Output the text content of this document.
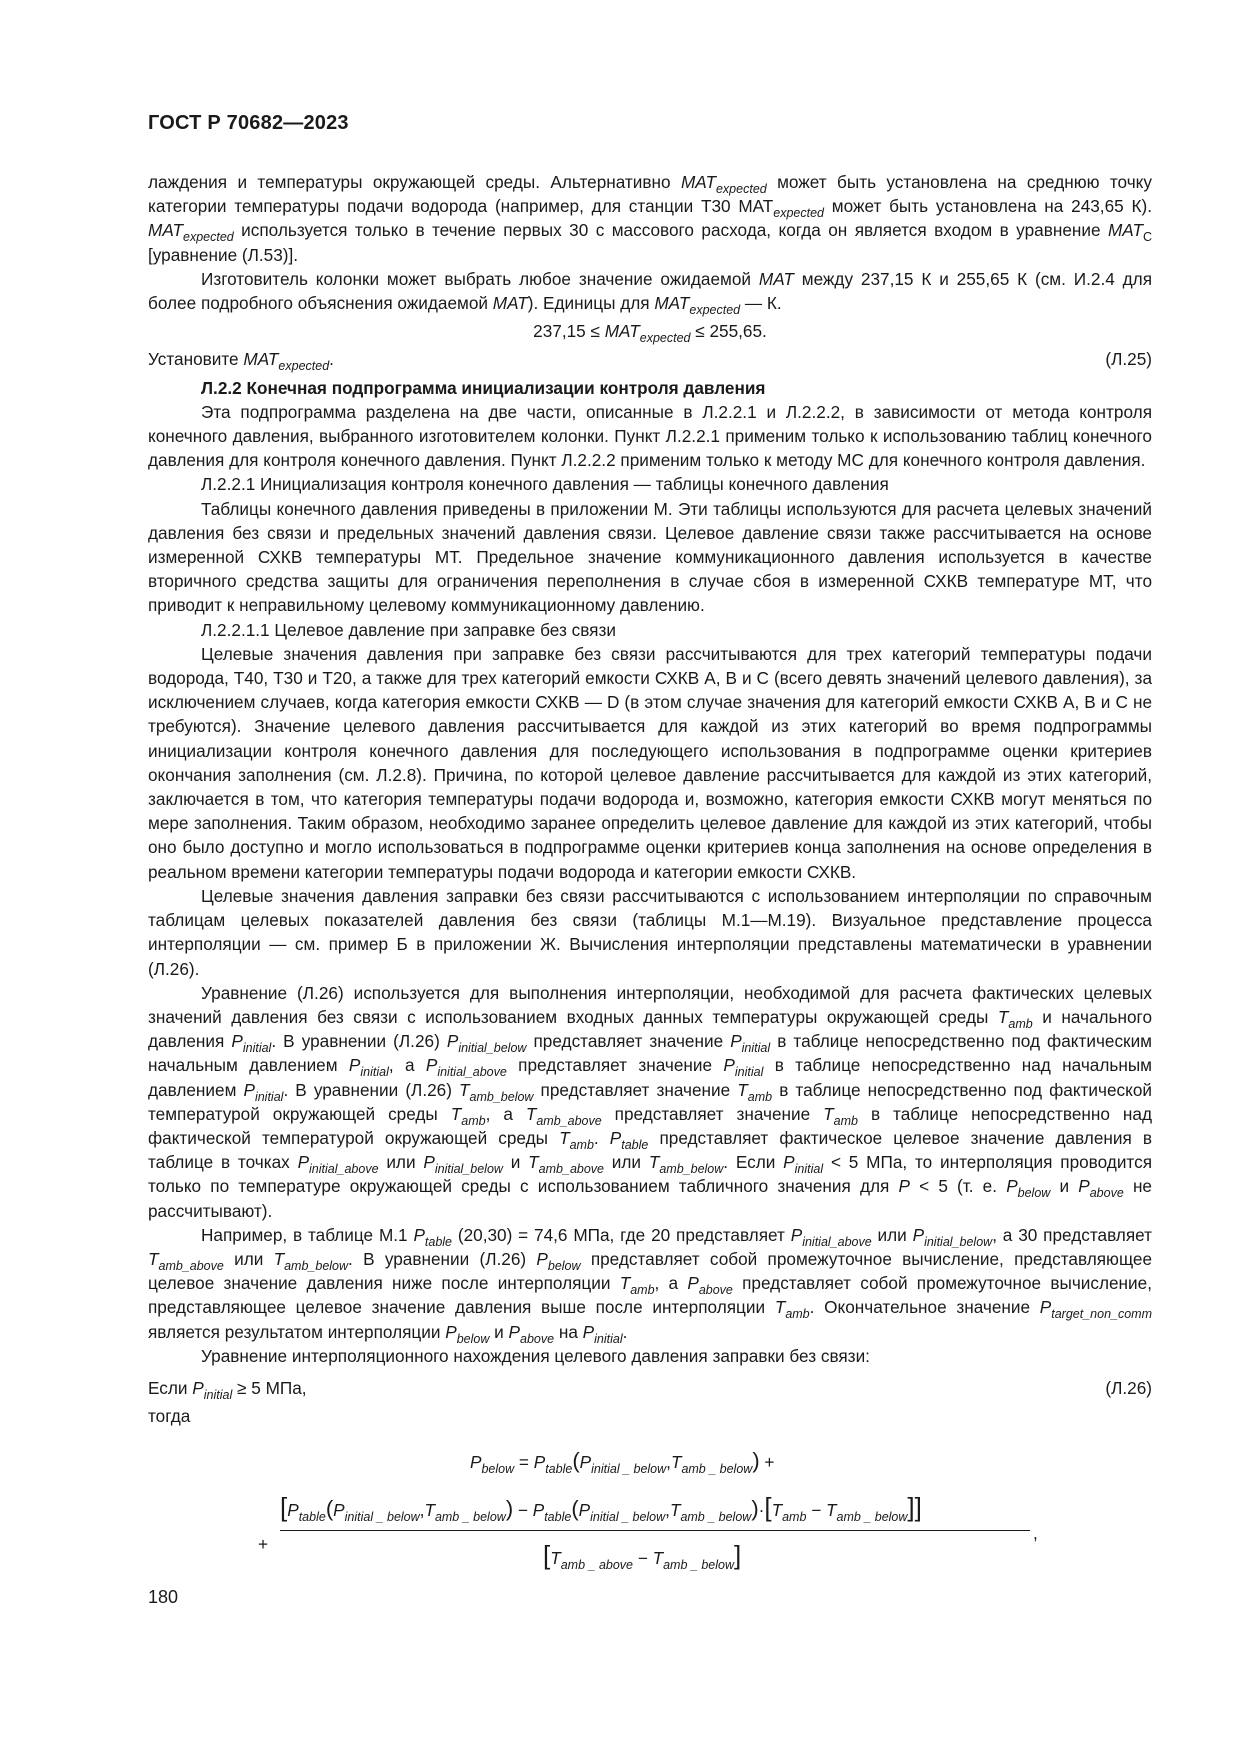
ГОСТ Р 70682—2023

лаждения и температуры окружающей среды. Альтернативно $MAT_{expected}$ может быть установлена на среднюю точку категории температуры подачи водорода (например, для станции Т30 $МАТ_{expected}$ может быть установлена на 243,65 К). $MAT_{expected}$ используется только в течение первых 30 с массового расхода, когда он является входом в уравнение $MAT_C$ [уравнение (Л.53)].

Изготовитель колонки может выбрать любое значение ожидаемой MAT между 237,15 К и 255,65 К (см. И.2.4 для более подробного объяснения ожидаемой MAT). Единицы для $MAT_{expected}$ — К.

$237,15 \le MAT_{expected} \le 255,65$.

Установите $MAT_{expected}$.	(Л.25)

Л.2.2 Конечная подпрограмма инициализации контроля давления

Эта подпрограмма разделена на две части, описанные в Л.2.2.1 и Л.2.2.2, в зависимости от метода контроля конечного давления, выбранного изготовителем колонки. Пункт Л.2.2.1 применим только к использованию таблиц конечного давления для контроля конечного давления. Пункт Л.2.2.2 применим только к методу МС для конечного контроля давления.

Л.2.2.1 Инициализация контроля конечного давления — таблицы конечного давления

Таблицы конечного давления приведены в приложении М. Эти таблицы используются для расчета целевых значений давления без связи и предельных значений давления связи. Целевое давление связи также рассчитывается на основе измеренной СХКВ температуры МТ. Предельное значение коммуникационного давления используется в качестве вторичного средства защиты для ограничения переполнения в случае сбоя в измеренной СХКВ температуре МТ, что приводит к неправильному целевому коммуникационному давлению.

Л.2.2.1.1 Целевое давление при заправке без связи

Целевые значения давления при заправке без связи рассчитываются для трех категорий температуры подачи водорода, Т40, Т30 и Т20, а также для трех категорий емкости СХКВ А, В и С (всего девять значений целевого давления), за исключением случаев, когда категория емкости СХКВ — D (в этом случае значения для категорий емкости СХКВ А, В и С не требуются). Значение целевого давления рассчитывается для каждой из этих категорий во время подпрограммы инициализации контроля конечного давления для последующего использования в подпрограмме оценки критериев окончания заполнения (см. Л.2.8). Причина, по которой целевое давление рассчитывается для каждой из этих категорий, заключается в том, что категория температуры подачи водорода и, возможно, категория емкости СХКВ могут меняться по мере заполнения. Таким образом, необходимо заранее определить целевое давление для каждой из этих категорий, чтобы оно было доступно и могло использоваться в подпрограмме оценки критериев конца заполнения на основе определения в реальном времени категории температуры подачи водорода и категории емкости СХКВ.

Целевые значения давления заправки без связи рассчитываются с использованием интерполяции по справочным таблицам целевых показателей давления без связи (таблицы М.1—М.19). Визуальное представление процесса интерполяции — см. пример Б в приложении Ж. Вычисления интерполяции представлены математически в уравнении (Л.26).

Уравнение (Л.26) используется для выполнения интерполяции, необходимой для расчета фактических целевых значений давления без связи с использованием входных данных температуры окружающей среды $T_{amb}$ и начального давления $P_{initial}$. В уравнении (Л.26) $P_{initial\_below}$ представляет значение $P_{initial}$ в таблице непосредственно под фактическим начальным давлением $P_{initial}$, а $P_{initial\_above}$ представляет значение $P_{initial}$ в таблице непосредственно над начальным давлением $P_{initial}$. В уравнении (Л.26) $T_{amb\_below}$ представляет значение $T_{amb}$ в таблице непосредственно под фактической температурой окружающей среды $T_{amb}$, а $T_{amb\_above}$ представляет значение $T_{amb}$ в таблице непосредственно над фактической температурой окружающей среды $T_{amb}$. $P_{table}$ представляет фактическое целевое значение давления в таблице в точках $P_{initial\_above}$ или $P_{initial\_below}$ и $T_{amb\_above}$ или $T_{amb\_below}$. Если $P_{initial} < 5$ МПа, то интерполяция проводится только по температуре окружающей среды с использованием табличного значения для P < 5 (т. е. $P_{below}$ и $P_{above}$ не рассчитывают).

Например, в таблице М.1 $P_{table}$ (20,30) = 74,6 МПа, где 20 представляет $P_{initial\_above}$ или $P_{initial\_below}$, а 30 представляет $T_{amb\_above}$ или $T_{amb\_below}$. В уравнении (Л.26) $P_{below}$ представляет собой промежуточное вычисление, представляющее целевое значение давления ниже после интерполяции $T_{amb}$, а $P_{above}$ представляет собой промежуточное вычисление, представляющее целевое значение давления выше после интерполяции $T_{amb}$. Окончательное значение $P_{target\_non\_comm}$ является результатом интерполяции $P_{below}$ и $P_{above}$ на $P_{initial}$.

Уравнение интерполяционного нахождения целевого давления заправки без связи:

Если $P_{initial} \ge 5$ МПа,	(Л.26)

тогда

$P_{below} = P_{table}(P_{initial \_ below},T_{amb \_ below})$ +
+
$[P_{table}(P_{initial \_ below},T_{amb \_ below}) - P_{table}(P_{initial \_ below},T_{amb \_ below})\cdot[T_{amb} - T_{amb \_ below}]]$
$[T_{amb \_ above} - T_{amb \_ below}]$
,
180
